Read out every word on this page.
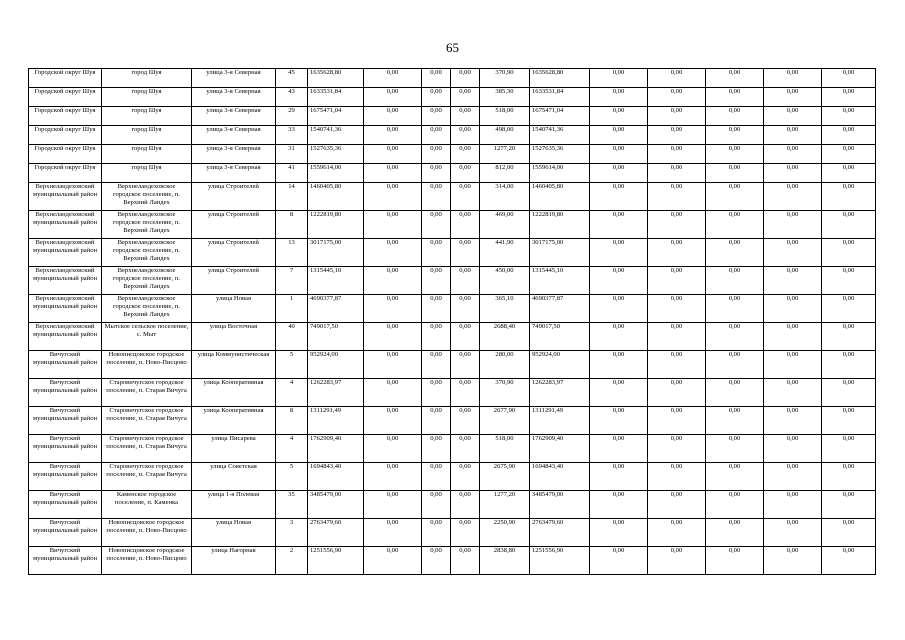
65
Городской округ Шуя	город Шуя	улица 3-я Северная	45	1635628,80	0,00	0,00	0,00	370,90	1635628,80	0,00	0,00	0,00	0,00	0,00
Городской округ Шуя	город Шуя	улица 3-я Северная	43	1633531,84	0,00	0,00	0,00	385,30	1633531,84	0,00	0,00	0,00	0,00	0,00
Городской округ Шуя	город Шуя	улица 3-я Северная	29	1675471,04	0,00	0,00	0,00	518,00	1675471,04	0,00	0,00	0,00	0,00	0,00
Городской округ Шуя	город Шуя	улица 3-я Северная	33	1540741,36	0,00	0,00	0,00	498,00	1540741,36	0,00	0,00	0,00	0,00	0,00
Городской округ Шуя	город Шуя	улица 3-я Северная	31	1527635,36	0,00	0,00	0,00	1277,20	1527635,36	0,00	0,00	0,00	0,00	0,00
Городской округ Шуя	город Шуя	улица 3-я Северная	41	1559614,00	0,00	0,00	0,00	812,00	1559614,00	0,00	0,00	0,00	0,00	0,00
Верхнеландеховский муниципальный район	Верхнеландеховское городское поселение, п. Верхний Ландех	улица Строителей	14	1460405,80	0,00	0,00	0,00	314,00	1460405,80	0,00	0,00	0,00	0,00	0,00
Верхнеландеховский муниципальный район	Верхнеландеховское городское поселение, п. Верхний Ландех	улица Строителей	8	1222819,80	0,00	0,00	0,00	469,00	1222819,80	0,00	0,00	0,00	0,00	0,00
Верхнеландеховский муниципальный район	Верхнеландеховское городское поселение, п. Верхний Ландех	улица Строителей	13	3017175,00	0,00	0,00	0,00	441,90	3017175,00	0,00	0,00	0,00	0,00	0,00
Верхнеландеховский муниципальный район	Верхнеландеховское городское поселение, п. Верхний Ландех	улица Строителей	7	1315445,10	0,00	0,00	0,00	450,00	1315445,10	0,00	0,00	0,00	0,00	0,00
Верхнеландеховский муниципальный район	Верхнеландеховское городское поселение, п. Верхний Ландех	улица Новая	1	4690377,87	0,00	0,00	0,00	365,10	4690377,87	0,00	0,00	0,00	0,00	0,00
Верхнеландеховский муниципальный район	Мытское сельское поселение, с. Мыт	улица Восточная	40	749017,50	0,00	0,00	0,00	2688,40	749017,50	0,00	0,00	0,00	0,00	0,00
Вичугский муниципальный район	Новописцовское городское поселение, п. Ново-Писцово	улица Коммунистическая	5	952924,00	0,00	0,00	0,00	280,00	952924,00	0,00	0,00	0,00	0,00	0,00
Вичугский муниципальный район	Старовичугское городское поселение, п. Старая Вичуга	улица Кооперативная	4	1262283,97	0,00	0,00	0,00	370,90	1262283,97	0,00	0,00	0,00	0,00	0,00
Вичугский муниципальный район	Старовичугское городское поселение, п. Старая Вичуга	улица Кооперативная	8	1311291,49	0,00	0,00	0,00	2677,90	1311291,49	0,00	0,00	0,00	0,00	0,00
Вичугский муниципальный район	Старовичугское городское поселение, п. Старая Вичуга	улица Писарева	4	1762909,40	0,00	0,00	0,00	518,00	1762909,40	0,00	0,00	0,00	0,00	0,00
Вичугский муниципальный район	Старовичугское городское поселение, п. Старая Вичуга	улица Советская	5	1694843,40	0,00	0,00	0,00	2675,90	1694843,40	0,00	0,00	0,00	0,00	0,00
Вичугский муниципальный район	Каменское городское поселение, п. Каменка	улица 1-я Полевая	35	3485479,00	0,00	0,00	0,00	1277,20	3485479,00	0,00	0,00	0,00	0,00	0,00
Вичугский муниципальный район	Новописцовское городское поселение, п. Ново-Писцово	улица Новая	3	2763479,60	0,00	0,00	0,00	2250,90	2763479,60	0,00	0,00	0,00	0,00	0,00
Вичугский муниципальный район	Новописцовское городское поселение, п. Ново-Писцово	улица Нагорная	2	1251556,90	0,00	0,00	0,00	2838,80	1251556,90	0,00	0,00	0,00	0,00	0,00
